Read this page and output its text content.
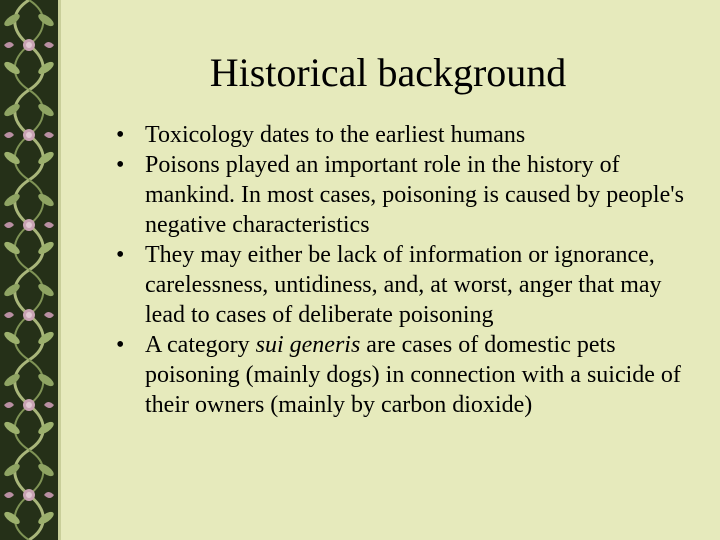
Historical background
• Toxicology dates to the earliest humans
• Poisons played an important role in the history of mankind. In most cases, poisoning is caused by people's negative characteristics
• They may either be lack of information or ignorance, carelessness, untidiness, and, at worst, anger that may lead to cases of deliberate poisoning
• A category sui generis are cases of domestic pets poisoning (mainly dogs) in connection with a suicide of their owners (mainly by carbon dioxide)
